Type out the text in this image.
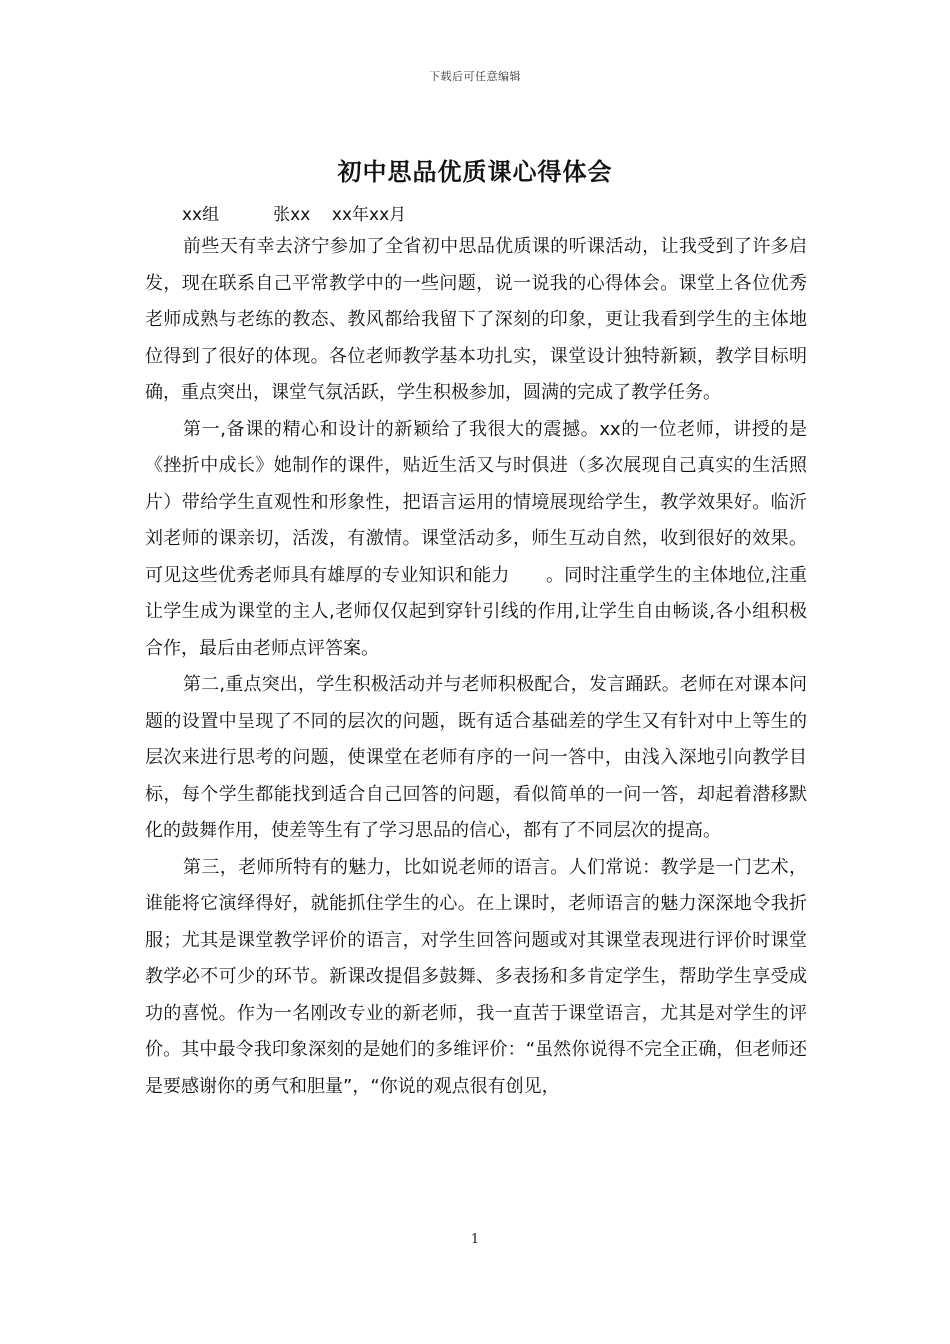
下载后可任意编辑
初中思品优质课心得体会
xx组          张xx    xx年xx月

前些天有幸去济宁参加了全省初中思品优质课的听课活动，让我受到了许多启发，现在联系自己平常教学中的一些问题，说一说我的心得体会。课堂上各位优秀老师成熟与老练的教态、教风都给我留下了深刻的印象，更让我看到学生的主体地位得到了很好的体现。各位老师教学基本功扎实，课堂设计独特新颖，教学目标明确，重点突出，课堂气氛活跃，学生积极参加，圆满的完成了教学任务。

第一,备课的精心和设计的新颖给了我很大的震撼。xx的一位老师，讲授的是《挫折中成长》她制作的课件，贴近生活又与时俱进（多次展现自己真实的生活照片）带给学生直观性和形象性，把语言运用的情境展现给学生，教学效果好。临沂刘老师的课亲切，活泼，有激情。课堂活动多，师生互动自然，收到很好的效果。可见这些优秀老师具有雄厚的专业知识和能力　　。同时注重学生的主体地位,注重让学生成为课堂的主人,老师仅仅起到穿针引线的作用,让学生自由畅谈,各小组积极合作，最后由老师点评答案。

第二,重点突出，学生积极活动并与老师积极配合，发言踊跃。老师在对课本问题的设置中呈现了不同的层次的问题，既有适合基础差的学生又有针对中上等生的层次来进行思考的问题，使课堂在老师有序的一问一答中，由浅入深地引向教学目标，每个学生都能找到适合自己回答的问题，看似简单的一问一答，却起着潜移默化的鼓舞作用，使差等生有了学习思品的信心，都有了不同层次的提高。

第三，老师所特有的魅力，比如说老师的语言。人们常说：教学是一门艺术，谁能将它演绎得好，就能抓住学生的心。在上课时，老师语言的魅力深深地令我折服；尤其是课堂教学评价的语言，对学生回答问题或对其课堂表现进行评价时课堂教学必不可少的环节。新课改提倡多鼓舞、多表扬和多肯定学生，帮助学生享受成功的喜悦。作为一名刚改专业的新老师，我一直苦于课堂语言，尤其是对学生的评价。其中最令我印象深刻的是她们的多维评价：“虽然你说得不完全正确，但老师还是要感谢你的勇气和胆量”，“你说的观点很有创见，

1
